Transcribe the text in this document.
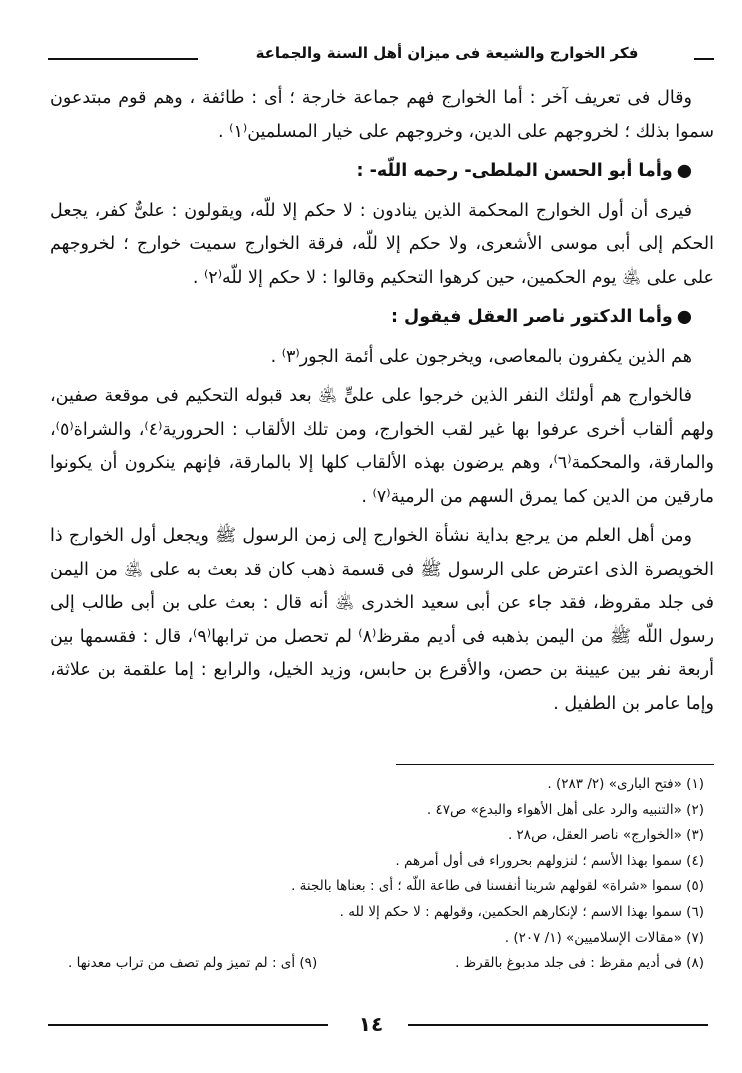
فكر الخوارج والشيعة فى ميزان أهل السنة والجماعة

وقال فى تعريف آخر : أما الخوارج فهم جماعة خارجة ؛ أى : طائفة ، وهم قوم مبتدعون سموا بذلك ؛ لخروجهم على الدين، وخروجهم على خيار المسلمين⁽١⁾ .

●وأما أبو الحسن الملطى- رحمه اللّه- :

فيرى أن أول الخوارج المحكمة الذين ينادون : لا حكم إلا للّه، ويقولون : علىٌّ كفر، يجعل الحكم إلى أبى موسى الأشعرى، ولا حكم إلا للّه، فرقة الخوارج سميت خوارج ؛ لخروجهم على على ﵁ يوم الحكمين، حين كرهوا التحكيم وقالوا : لا حكم إلا للّه⁽٢⁾ .

●وأما الدكتور ناصر العقل فيقول :

هم الذين يكفرون بالمعاصى، ويخرجون على أئمة الجور⁽٣⁾ .

فالخوارج هم أولئك النفر الذين خرجوا على علىٍّ ﵁ بعد قبوله التحكيم فى موقعة صفين، ولهم ألقاب أخرى عرفوا بها غير لقب الخوارج، ومن تلك الألقاب : الحرورية⁽٤⁾، والشراة⁽٥⁾، والمارقة، والمحكمة⁽٦⁾، وهم يرضون بهذه الألقاب كلها إلا بالمارقة، فإنهم ينكرون أن يكونوا مارقين من الدين كما يمرق السهم من الرمية⁽٧⁾ .

ومن أهل العلم من يرجع بداية نشأة الخوارج إلى زمن الرسول ﷺ ويجعل أول الخوارج ذا الخويصرة الذى اعترض على الرسول ﷺ فى قسمة ذهب كان قد بعث به على ﵁ من اليمن فى جلد مقروظ، فقد جاء عن أبى سعيد الخدرى ﵁ أنه قال : بعث على بن أبى طالب إلى رسول اللّه ﷺ من اليمن بذهبه فى أديم مقرظ⁽٨⁾ لم تحصل من ترابها⁽٩⁾، قال : فقسمها بين أربعة نفر بين عيينة بن حصن، والأقرع بن حابس، وزيد الخيل، والرابع : إما علقمة بن علاثة، وإما عامر بن الطفيل .

(١) «فتح البارى» (٢/ ٢٨٣) .

(٢) «التنبيه والرد على أهل الأهواء والبدع» ص٤٧ .

(٣) «الخوارج» ناصر العقل، ص٢٨ .

(٤) سموا بهذا الأسم ؛ لنزولهم بحروراء فى أول أمرهم .

(٥) سموا «شراة» لقولهم شرينا أنفسنا فى طاعة اللّه ؛ أى : بعناها بالجنة .

(٦) سموا بهذا الاسم ؛ لإنكارهم الحكمين، وقولهم : لا حكم إلا لله .

(٧) «مقالات الإسلاميين» (١/ ٢٠٧) .

(٨) فى أديم مقرظ : فى جلد مدبوغ بالقرظ .
(٩) أى : لم تميز ولم تصف من تراب معدنها .
١٤
